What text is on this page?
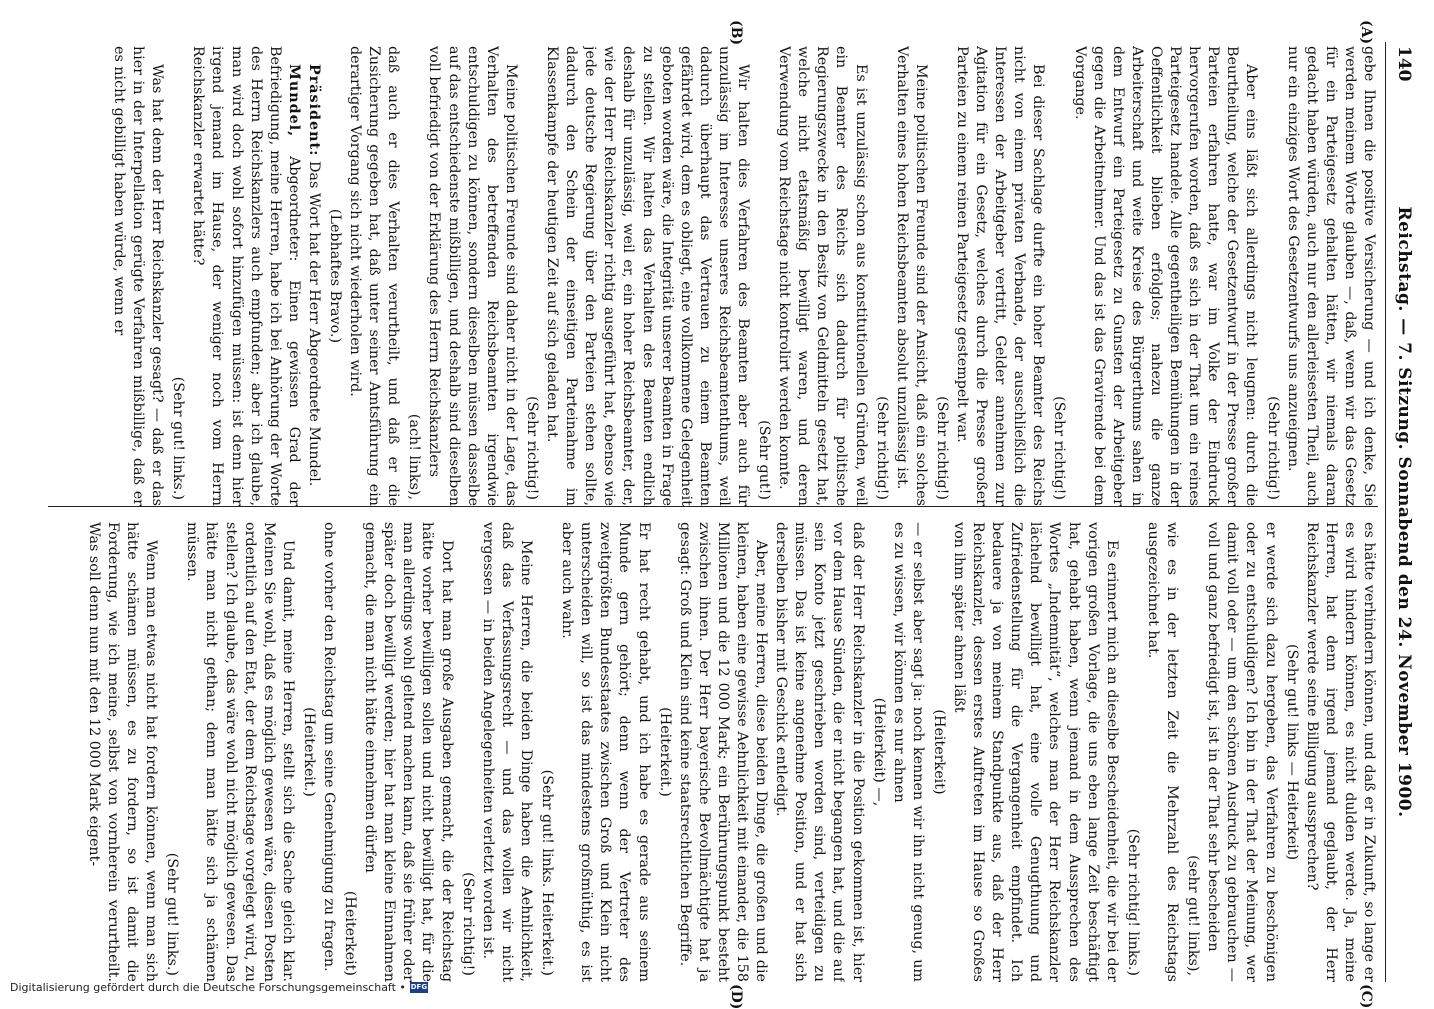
140
Reichstag. — 7. Sitzung. Sonnabend den 24. November 1900.
(A)
(B)
(C)
(D)

gebe Ihnen die positive Versicherung — und ich denke, Sie werden meinem Worte glauben —, daß, wenn wir das Gesetz für ein Parteigesetz gehalten hätten, wir niemals daran gedacht haben würden, auch nur den allerleisesten Theil, auch nur ein einziges Wort des Gesetzentwurfs uns anzueignen.

(Sehr richtig!)

Aber eins läßt sich allerdings nicht leugnen: durch die Beurtheilung, welche der Gesetzentwurf in der Presse großer Parteien erfahren hatte, war im Volke der Eindruck hervorgerufen worden, daß es sich in der That um ein reines Parteigesetz handele. Alle gegentheiligen Bemühungen in der Oeffentlichkeit blieben erfolglos; nahezu die ganze Arbeiterschaft und weite Kreise des Bürgerthums sahen in dem Entwurf ein Parteigesetz zu Gunsten der Arbeitgeber gegen die Arbeitnehmer. Und das ist das Gravirende bei dem Vorgange.

(Sehr richtig!)

Bei dieser Sachlage durfte ein hoher Beamter des Reichs nicht von einem privaten Verbande, der ausschließlich die Interessen der Arbeitgeber vertritt, Gelder annehmen zur Agitation für ein Gesetz, welches durch die Presse großer Parteien zu einem reinen Parteigesetz gestempelt war.

(Sehr richtig!)

Meine politischen Freunde sind der Ansicht, daß ein solches Verhalten eines hohen Reichsbeamten absolut unzulässig ist.

(Sehr richtig!)

Es ist unzulässig schon aus konstitutionellen Gründen, weil ein Beamter des Reichs sich dadurch für politische Regierungszwecke in den Besitz von Geldmitteln gesetzt hat, welche nicht etatsmäßig bewilligt waren, und deren Verwendung vom Reichstage nicht kontrolirt werden konnte.

(Sehr gut!)

Wir halten dies Verfahren des Beamten aber auch für unzulässig im Interesse unseres Reichsbeamtenthums, weil dadurch überhaupt das Vertrauen zu einem Beamten gefährdet wird, dem es obliegt, eine vollkommene Gelegenheit geboten worden wäre, die Integrität unserer Beamten in Frage zu stellen. Wir halten das Verhalten des Beamten endlich deshalb für unzulässig, weil er, ein hoher Reichsbeamter, der, wie der Herr Reichskanzler richtig ausgeführt hat, ebenso wie jede deutsche Regierung über den Parteien stehen sollte, dadurch den Schein der einseitigen Parteinahme im Klassenkampfe der heutigen Zeit auf sich geladen hat.

(Sehr richtig!)

Meine politischen Freunde sind daher nicht in der Lage, das Verhalten des betreffenden Reichsbeamten irgendwie entschuldigen zu können, sondern dieselben müssen dasselbe auf das entschiedenste mißbilligen, und deshalb sind dieselben voll befriedigt von der Erklärung des Herrn Reichskanzlers

(ach! links),

daß auch er dies Verhalten verurtheilt, und daß er die Zusicherung gegeben hat, daß unter seiner Amtsführung ein derartiger Vorgang sich nicht wiederholen wird.

(Lebhaftes Bravo.)

Präsident: Das Wort hat der Herr Abgeordnete Mundel.

Mundel, Abgeordneter: Einen gewissen Grad der Befriedigung, meine Herren, habe ich bei Anhörung der Worte des Herrn Reichskanzlers auch empfunden; aber ich glaube, man wird doch wohl sofort hinzufügen müssen: ist denn hier irgend jemand im Hause, der weniger noch vom Herrn Reichskanzler erwartet hätte?

(Sehr gut! links.)

Was hat denn der Herr Reichskanzler gesagt? — daß er das hier in der Interpellation gerügte Verfahren mißbillige, daß er es nicht gebilligt haben würde, wenn er

es hätte verhindern können, und daß er in Zukunft, so lange er es wird hindern können, es nicht dulden werde. Ja, meine Herren, hat denn irgend jemand geglaubt, der Herr Reichskanzler werde seine Billigung aussprechen?

(Sehr gut! links — Heiterkeit)

er werde sich dazu hergeben, das Verfahren zu beschönigen oder zu entschuldigen? Ich bin in der That der Meinung, wer damit voll oder — um den schönen Ausdruck zu gebrauchen — voll und ganz befriedigt ist, ist in der That sehr bescheiden

(sehr gut! links),

wie es in der letzten Zeit die Mehrzahl des Reichstags ausgezeichnet hat.

(Sehr richtig! links.)

Es erinnert mich an dieselbe Bescheidenheit, die wir bei der vorigen großen Vorlage, die uns eben lange Zeit beschäftigt hat, gehabt haben, wenn jemand in dem Aussprechen des Wortes „Indemnität“, welches man der Herr Reichskanzler lächelnd bewilligt hat, eine volle Genugthuung und Zufriedenstellung für die Vergangenheit empfindet. Ich bedauere ja von meinem Standpunkte aus, daß der Herr Reichskanzler, dessen erstes Auftreten im Hause so Großes von ihm später ahnen läßt

(Heiterkeit)

— er selbst aber sagt ja: noch kennen wir ihn nicht genug, um es zu wissen, wir können es nur ahnen

(Heiterkeit) —,

daß der Herr Reichskanzler in die Position gekommen ist, hier vor dem Hause Sünden, die er nicht begangen hat, und die auf sein Konto jetzt geschrieben worden sind, verteidigen zu müssen. Das ist keine angenehme Position, und er hat sich derselben bisher mit Geschick entledigt.

Aber, meine Herren, diese beiden Dinge, die großen und die kleinen, haben eine gewisse Aehnlichkeit mit einander, die 158 Millionen und die 12 000 Mark; ein Berührungspunkt besteht zwischen ihnen. Der Herr bayerische Bevollmächtigte hat ja gesagt: Groß und Klein sind keine staatsrechtlichen Begriffe.

(Heiterkeit.)

Er hat recht gehabt, und ich habe es gerade aus seinem Munde gern gehört; denn wenn der Vertreter des zweitgrößten Bundesstaates zwischen Groß und Klein nicht unterscheiden will, so ist das mindestens großmüthig, es ist aber auch wahr.

(Sehr gut! links. Heiterkeit.)

Meine Herren, die beiden Dinge haben die Aehnlichkeit, daß das Verfassungsrecht — und das wollen wir nicht vergessen — in beiden Angelegenheiten verletzt worden ist.

(Sehr richtig!)

Dort hat man große Ausgaben gemacht, die der Reichstag hätte vorher bewilligen sollen und nicht bewilligt hat, für die man allerdings wohl geltend machen kann, daß sie früher oder später doch bewilligt werden; hier hat man kleine Einnahmen gemacht, die man nicht hätte einnehmen dürfen

(Heiterkeit)

ohne vorher den Reichstag um seine Genehmigung zu fragen.

(Heiterkeit.)

Und damit, meine Herren, stellt sich die Sache gleich klar. Meinen Sie wohl, daß es möglich gewesen wäre, diesen Posten ordentlich auf den Etat, der dem Reichstage vorgelegt wird, zu stellen? Ich glaube, das wäre wohl nicht möglich gewesen. Das hätte man nicht gethan; denn man hätte sich ja schämen müssen.

(Sehr gut! links.)

Wenn man etwas nicht hat fordern können, wenn man sich hätte schämen müssen, es zu fordern, so ist damit die Forderung, wie ich meine, selbst von vornherein verurtheilt. Was soll denn nun mit den 12 000 Mark eigent-

Digitalisierung gefördert durch die Deutsche Forschungsgemeinschaft • DFG
